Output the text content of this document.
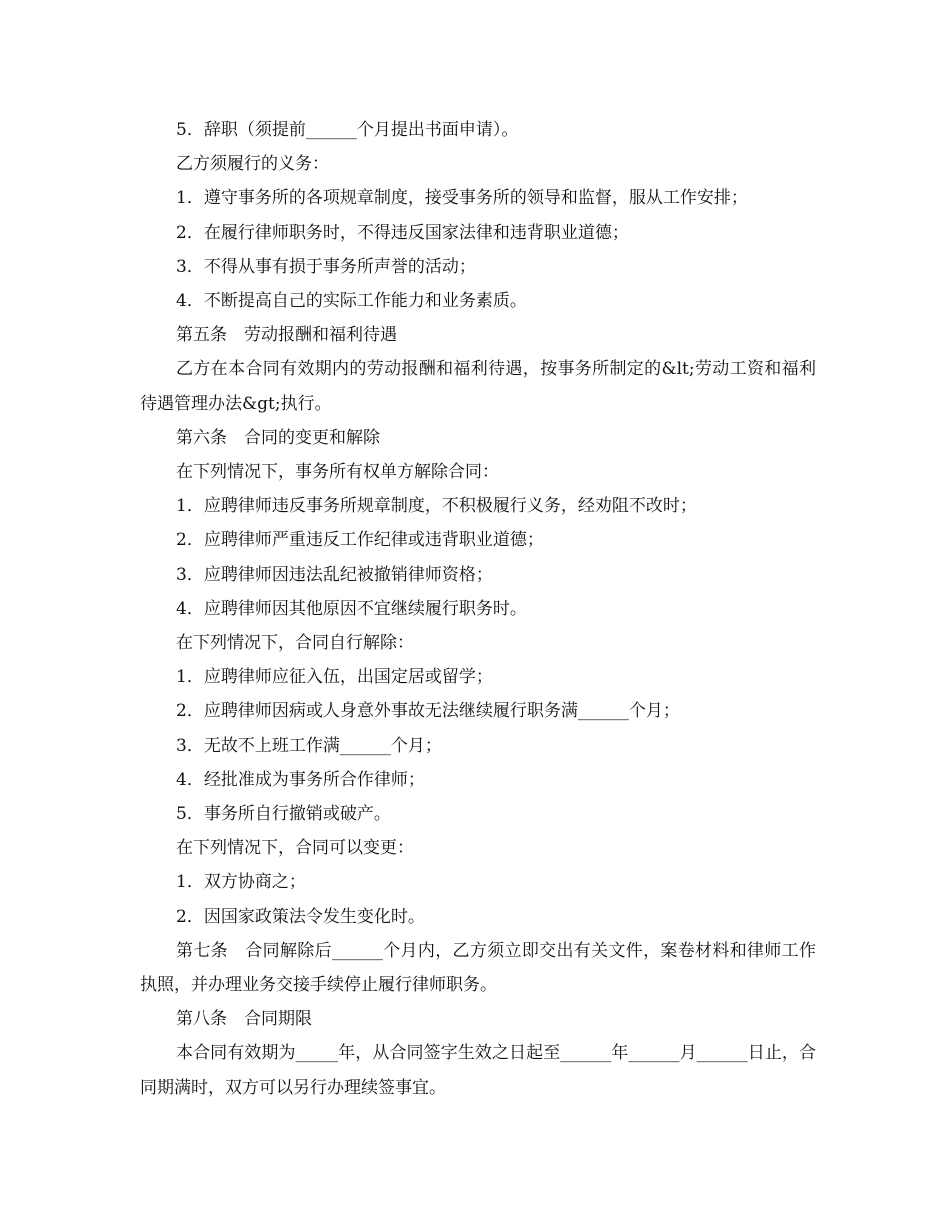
5．辞职（须提前______个月提出书面申请）。

乙方须履行的义务：

1．遵守事务所的各项规章制度，接受事务所的领导和监督，服从工作安排；

2．在履行律师职务时，不得违反国家法律和违背职业道德；

3．不得从事有损于事务所声誉的活动；

4．不断提高自己的实际工作能力和业务素质。

第五条　劳动报酬和福利待遇

乙方在本合同有效期内的劳动报酬和福利待遇，按事务所制定的&lt;劳动工资和福利待遇管理办法&gt;执行。

第六条　合同的变更和解除

在下列情况下，事务所有权单方解除合同：

1．应聘律师违反事务所规章制度，不积极履行义务，经劝阻不改时；

2．应聘律师严重违反工作纪律或违背职业道德；

3．应聘律师因违法乱纪被撤销律师资格；

4．应聘律师因其他原因不宜继续履行职务时。

在下列情况下，合同自行解除：

1．应聘律师应征入伍，出国定居或留学；

2．应聘律师因病或人身意外事故无法继续履行职务满______个月；

3．无故不上班工作满______个月；

4．经批准成为事务所合作律师；

5．事务所自行撤销或破产。

在下列情况下，合同可以变更：

1．双方协商之；

2．因国家政策法令发生变化时。

第七条　合同解除后______个月内，乙方须立即交出有关文件，案卷材料和律师工作执照，并办理业务交接手续停止履行律师职务。

第八条　合同期限

本合同有效期为_____年，从合同签字生效之日起至______年______月______日止，合同期满时，双方可以另行办理续签事宜。
